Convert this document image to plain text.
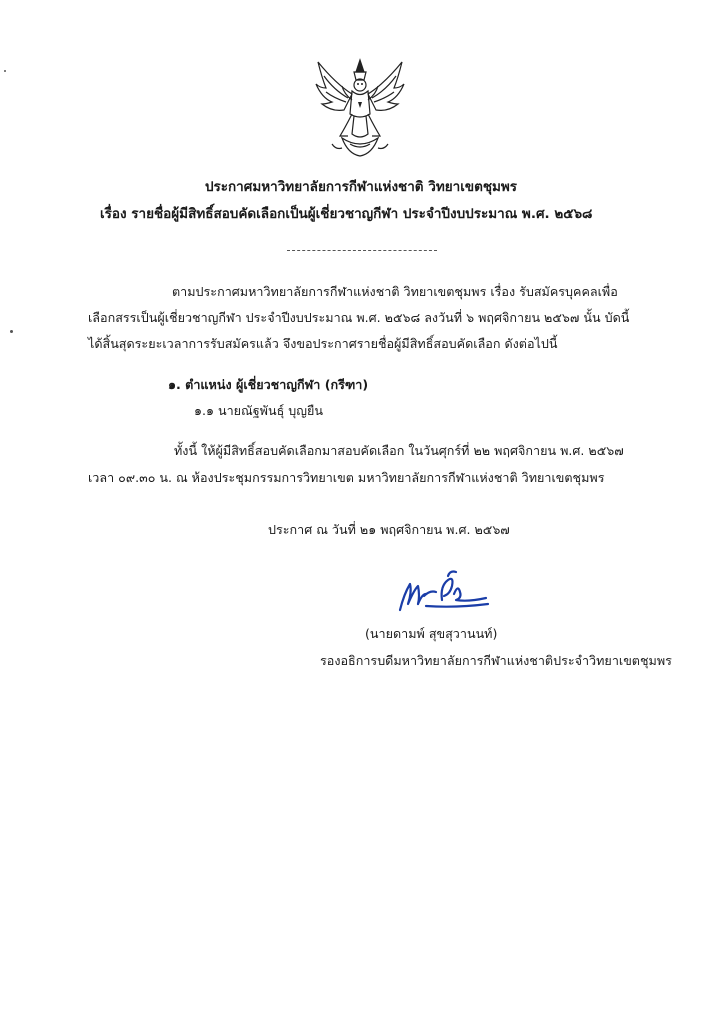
ประกาศมหาวิทยาลัยการกีฬาแห่งชาติ วิทยาเขตชุมพร
เรื่อง รายชื่อผู้มีสิทธิ์สอบคัดเลือกเป็นผู้เชี่ยวชาญกีฬา ประจำปีงบประมาณ พ.ศ. ๒๕๖๘
ตามประกาศมหาวิทยาลัยการกีฬาแห่งชาติ วิทยาเขตชุมพร เรื่อง รับสมัครบุคคลเพื่อ
เลือกสรรเป็นผู้เชี่ยวชาญกีฬา ประจำปีงบประมาณ พ.ศ. ๒๕๖๘ ลงวันที่ ๖ พฤศจิกายน ๒๕๖๗ นั้น บัดนี้
ได้สิ้นสุดระยะเวลาการรับสมัครแล้ว จึงขอประกาศรายชื่อผู้มีสิทธิ์สอบคัดเลือก ดังต่อไปนี้
๑. ตำแหน่ง ผู้เชี่ยวชาญกีฬา (กรีฑา)
๑.๑ นายณัฐพันธุ์ บุญยืน
ทั้งนี้ ให้ผู้มีสิทธิ์สอบคัดเลือกมาสอบคัดเลือก ในวันศุกร์ที่ ๒๒ พฤศจิกายน พ.ศ. ๒๕๖๗
เวลา ๐๙.๓๐ น. ณ ห้องประชุมกรรมการวิทยาเขต มหาวิทยาลัยการกีฬาแห่งชาติ วิทยาเขตชุมพร
ประกาศ ณ วันที่ ๒๑ พฤศจิกายน พ.ศ. ๒๕๖๗
(นายดามพ์ สุขสุวานนท์)
รองอธิการบดีมหาวิทยาลัยการกีฬาแห่งชาติประจำวิทยาเขตชุมพร
